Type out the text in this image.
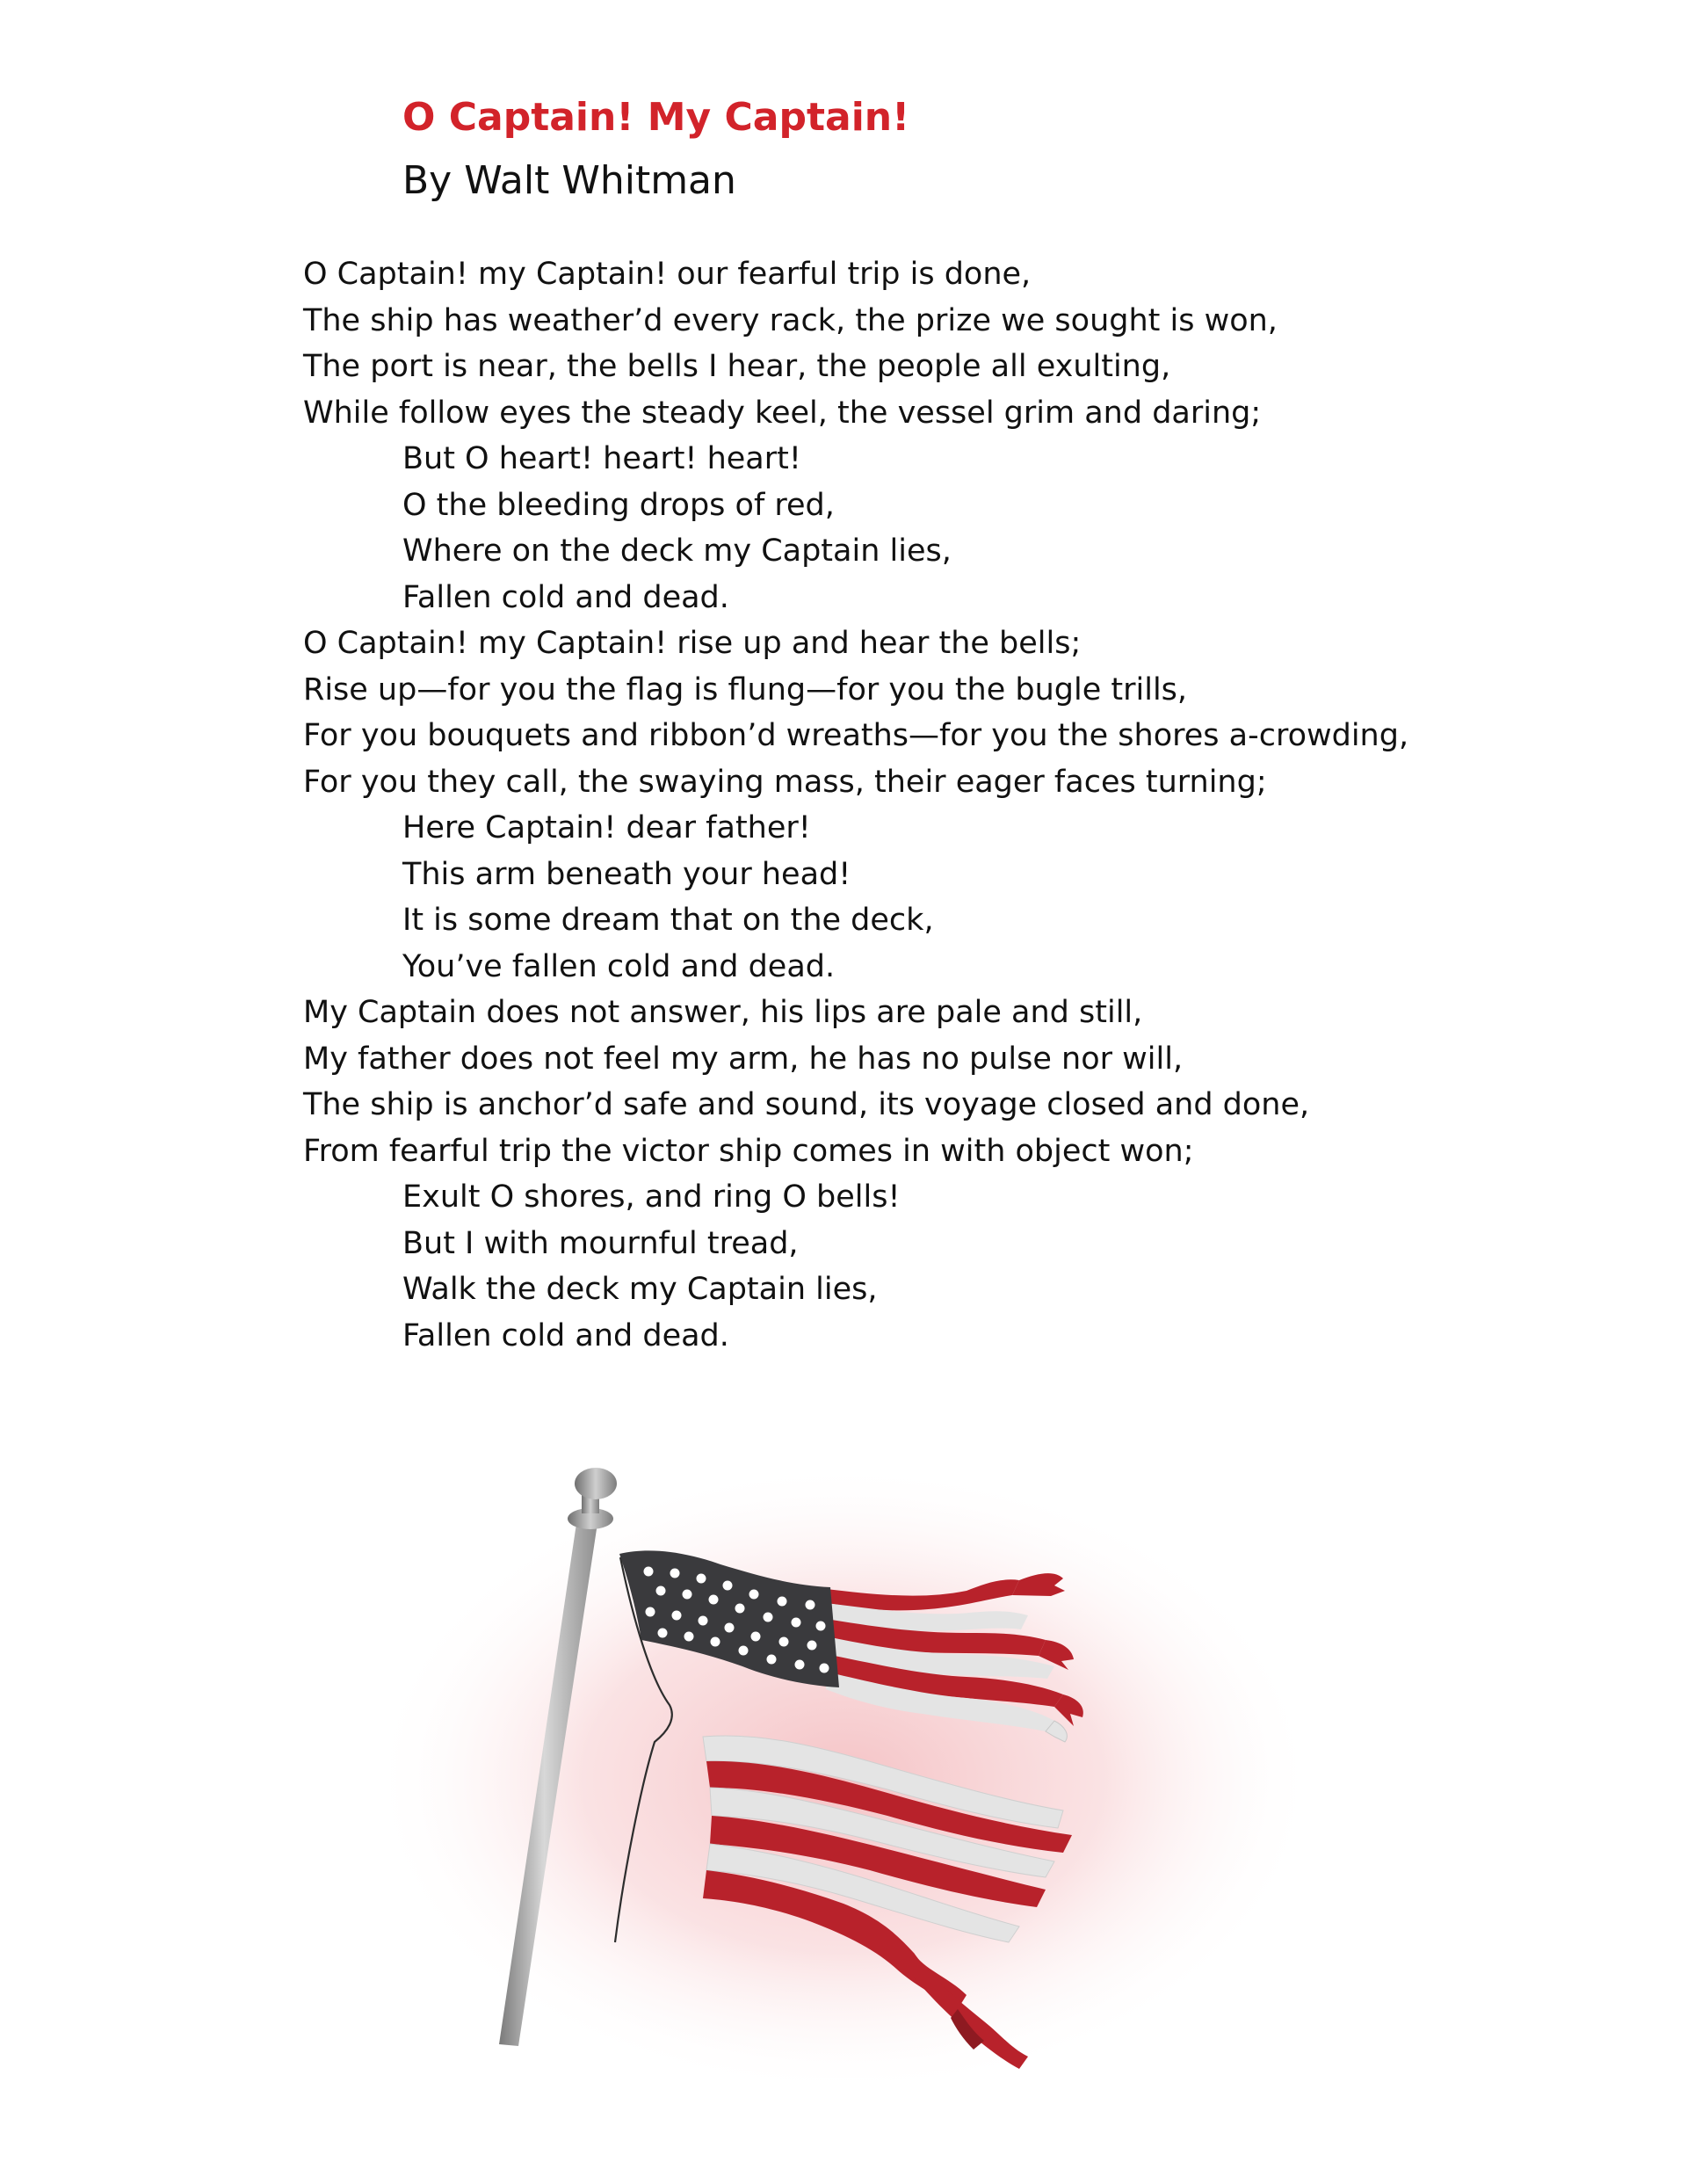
O Captain! My Captain!
By Walt Whitman
O Captain! my Captain! our fearful trip is done,
The ship has weather’d every rack, the prize we sought is won,
The port is near, the bells I hear, the people all exulting,
While follow eyes the steady keel, the vessel grim and daring;
But O heart! heart! heart!
O the bleeding drops of red,
Where on the deck my Captain lies,
Fallen cold and dead.
O Captain! my Captain! rise up and hear the bells;
Rise up—for you the flag is flung—for you the bugle trills,
For you bouquets and ribbon’d wreaths—for you the shores a-crowding,
For you they call, the swaying mass, their eager faces turning;
Here Captain! dear father!
This arm beneath your head!
It is some dream that on the deck,
You’ve fallen cold and dead.
My Captain does not answer, his lips are pale and still,
My father does not feel my arm, he has no pulse nor will,
The ship is anchor’d safe and sound, its voyage closed and done,
From fearful trip the victor ship comes in with object won;
Exult O shores, and ring O bells!
But I with mournful tread,
Walk the deck my Captain lies,
Fallen cold and dead.
